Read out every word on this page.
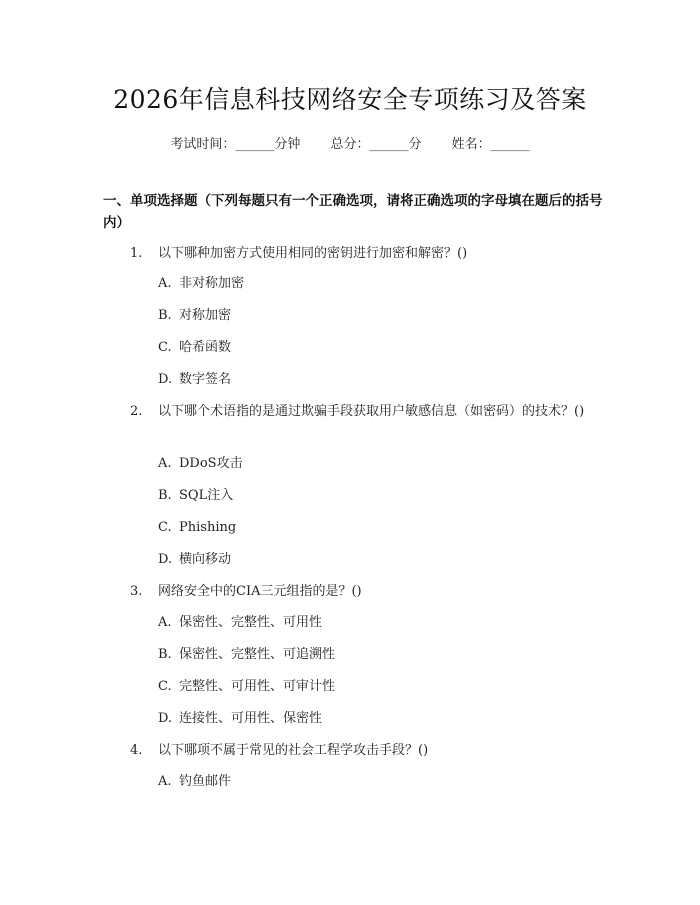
2026年信息科技网络安全专项练习及答案
考试时间：______分钟 总分：______分 姓名：______
一、单项选择题（下列每题只有一个正确选项，请将正确选项的字母填在题后的括号内）
1. 以下哪种加密方式使用相同的密钥进行加密和解密？()
A. 非对称加密
B. 对称加密
C. 哈希函数
D. 数字签名
2. 以下哪个术语指的是通过欺骗手段获取用户敏感信息（如密码）的技术？()
A. DDoS攻击
B. SQL注入
C. Phishing
D. 横向移动
3. 网络安全中的CIA三元组指的是？()
A. 保密性、完整性、可用性
B. 保密性、完整性、可追溯性
C. 完整性、可用性、可审计性
D. 连接性、可用性、保密性
4. 以下哪项不属于常见的社会工程学攻击手段？()
A. 钓鱼邮件
